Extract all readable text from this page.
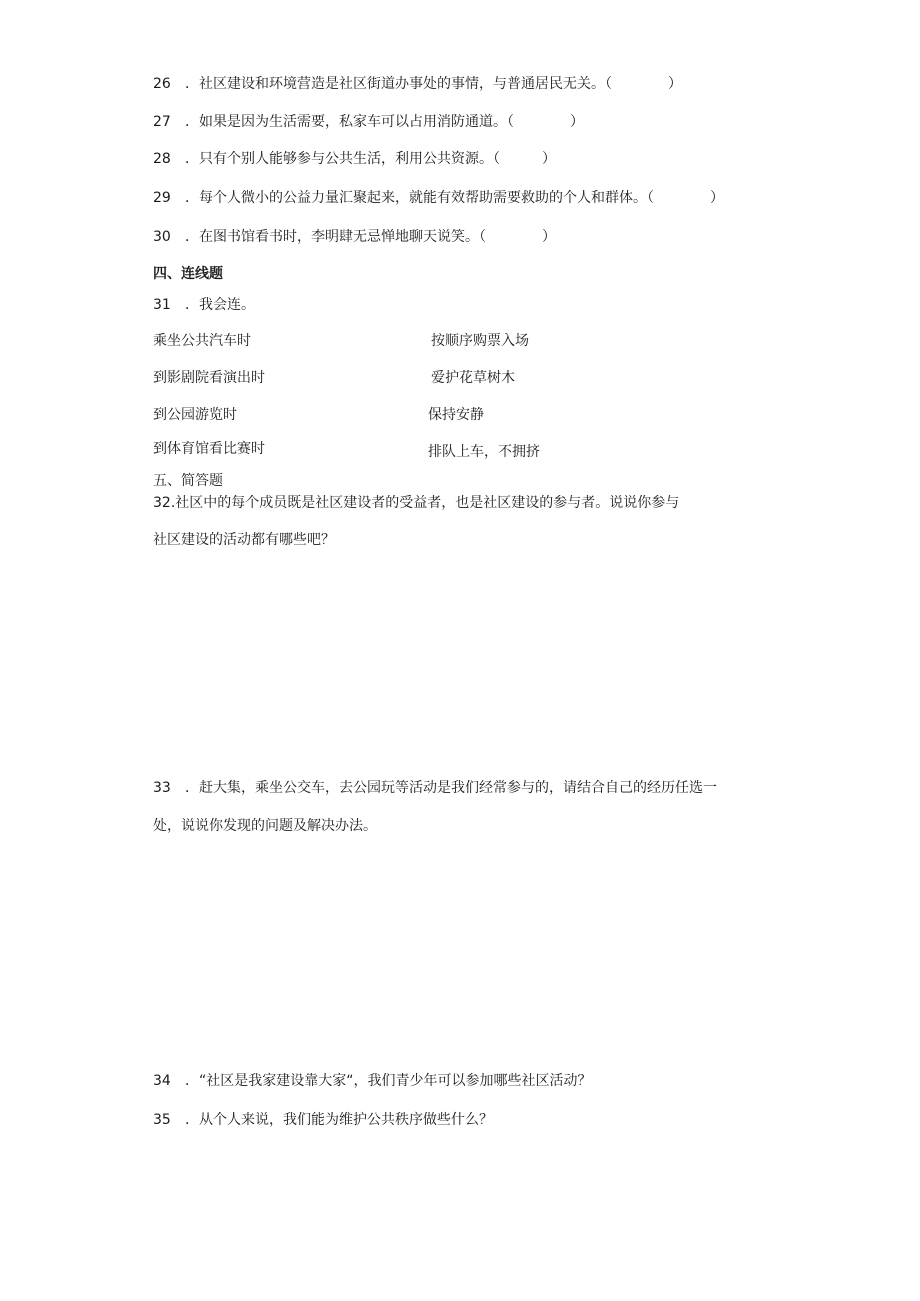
26 ．社区建设和环境营造是社区街道办事处的事情，与普通居民无关。（　　　　）
27 ．如果是因为生活需要，私家车可以占用消防通道。（　　　　）
28 ．只有个别人能够参与公共生活，利用公共资源。（　　　）
29 ．每个人微小的公益力量汇聚起来，就能有效帮助需要救助的个人和群体。（　　　　）
30 ．在图书馆看书时，李明肆无忌惮地聊天说笑。（　　　　）
四、连线题
31 ．我会连。
乘坐公共汽车时
到影剧院看演出时
到公园游览时
到体育馆看比赛时
按顺序购票入场
爱护花草树木
保持安静
排队上车，不拥挤
五、简答题
32.社区中的每个成员既是社区建设者的受益者，也是社区建设的参与者。说说你参与
社区建设的活动都有哪些吧？
33 ．赶大集，乘坐公交车，去公园玩等活动是我们经常参与的，请结合自己的经历任选一
处，说说你发现的问题及解决办法。
34 ．“社区是我家建设靠大家“，我们青少年可以参加哪些社区活动？
35 ．从个人来说，我们能为维护公共秩序做些什么？
